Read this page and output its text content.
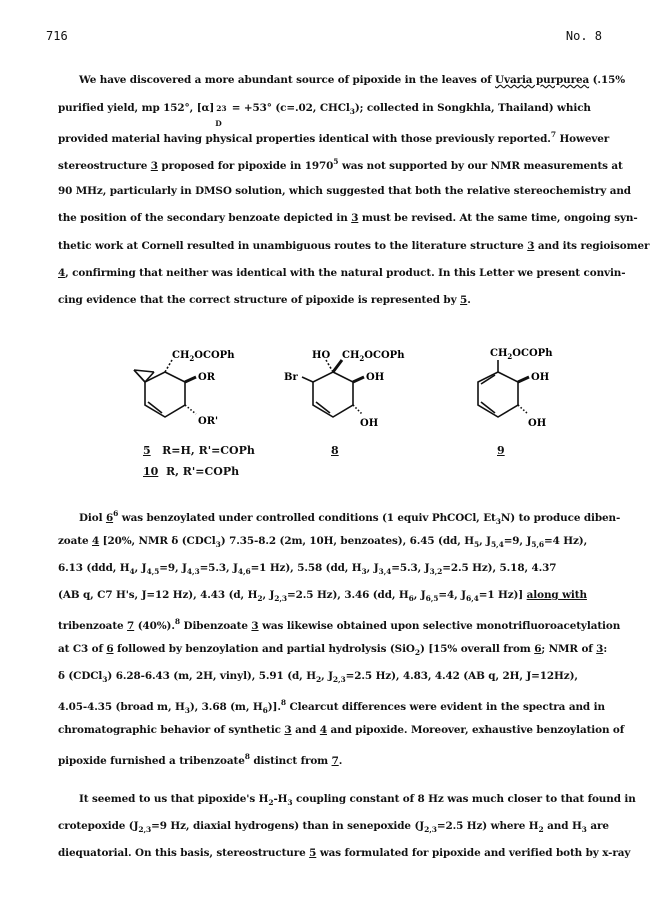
716	No. 8
We have discovered a more abundant source of pipoxide in the leaves of Uvaria purpurea (.15%
purified yield, mp 152°, [α] 23
D
= +53° (c=.02, CHCl$_3$); collected in Songkhla, Thailand) which
provided material having physical properties identical with those previously reported.$^7$ However
stereostructure 3 proposed for pipoxide in 1970$^5$ was not supported by our NMR measurements at
90 MHz, particularly in DMSO solution, which suggested that both the relative stereochemistry and
the position of the secondary benzoate depicted in 3 must be revised. At the same time, ongoing syn-
thetic work at Cornell resulted in unambiguous routes to the literature structure 3 and its regioisomer
4, confirming that neither was identical with the natural product. In this Letter we present convin-
cing evidence that the correct structure of pipoxide is represented by 5.
$CH_2OCOPh$
OR
OR'
HO $CH_2OCOPh$
Br	OH
OH
$CH_2OCOPh$
OH
OH
5 R=H, R'=COPh
10 R, R'=COPh
8	9
Diol $6^6$ was benzoylated under controlled conditions (1 equiv PhCOCl, $Et_3N$) to produce diben-
zoate 4 [20%, NMR δ (CDCl$_3$) 7.35-8.2 (2m, 10H, benzoates), 6.45 (dd, $H_5$, $J_{5,4}=9$, $J_{5,6}=4$ Hz),
6.13 (ddd, $H_4$, $J_{4,5}=9$, $J_{4,3}=5.3$, $J_{4,6}=1$ Hz), 5.58 (dd, $H_3$, $J_{3,4}=5.3$, $J_{3,2}=2.5$ Hz), 5.18, 4.37
(AB q, C7 H's, J=12 Hz), 4.43 (d, $H_2$, $J_{2,3}=2.5$ Hz), 3.46 (dd, $H_6$, $J_{6,5}=4$, $J_{6,4}=1$ Hz)] along with
tribenzoate 7 (40%).$^8$ Dibenzoate 3 was likewise obtained upon selective monotrifluoroacetylation
at C3 of 6 followed by benzoylation and partial hydrolysis (SiO$_2$) [15% overall from 6; NMR of 3:
δ (CDCl$_3$) 6.28-6.43 (m, 2H, vinyl), 5.91 (d, $H_2$, $J_{2,3}=2.5$ Hz), 4.83, 4.42 (AB q, 2H, J=12Hz),
4.05-4.35 (broad m, $H_3$), 3.68 (m, $H_6)].^8$ Clearcut differences were evident in the spectra and in
chromatographic behavior of synthetic 3 and 4 and pipoxide. Moreover, exhaustive benzoylation of
pipoxide furnished a tribenzoate$^8$ distinct from 7.
It seemed to us that pipoxide's $H_2-H_3$ coupling constant of 8 Hz was much closer to that found in
crotepoxide ($J_{2,3}=9$ Hz, diaxial hydrogens) than in senepoxide ($J_{2,3}=2.5$ Hz) where $H_2$ and $H_3$ are
diequatorial. On this basis, stereostructure 5 was formulated for pipoxide and verified both by x-ray
